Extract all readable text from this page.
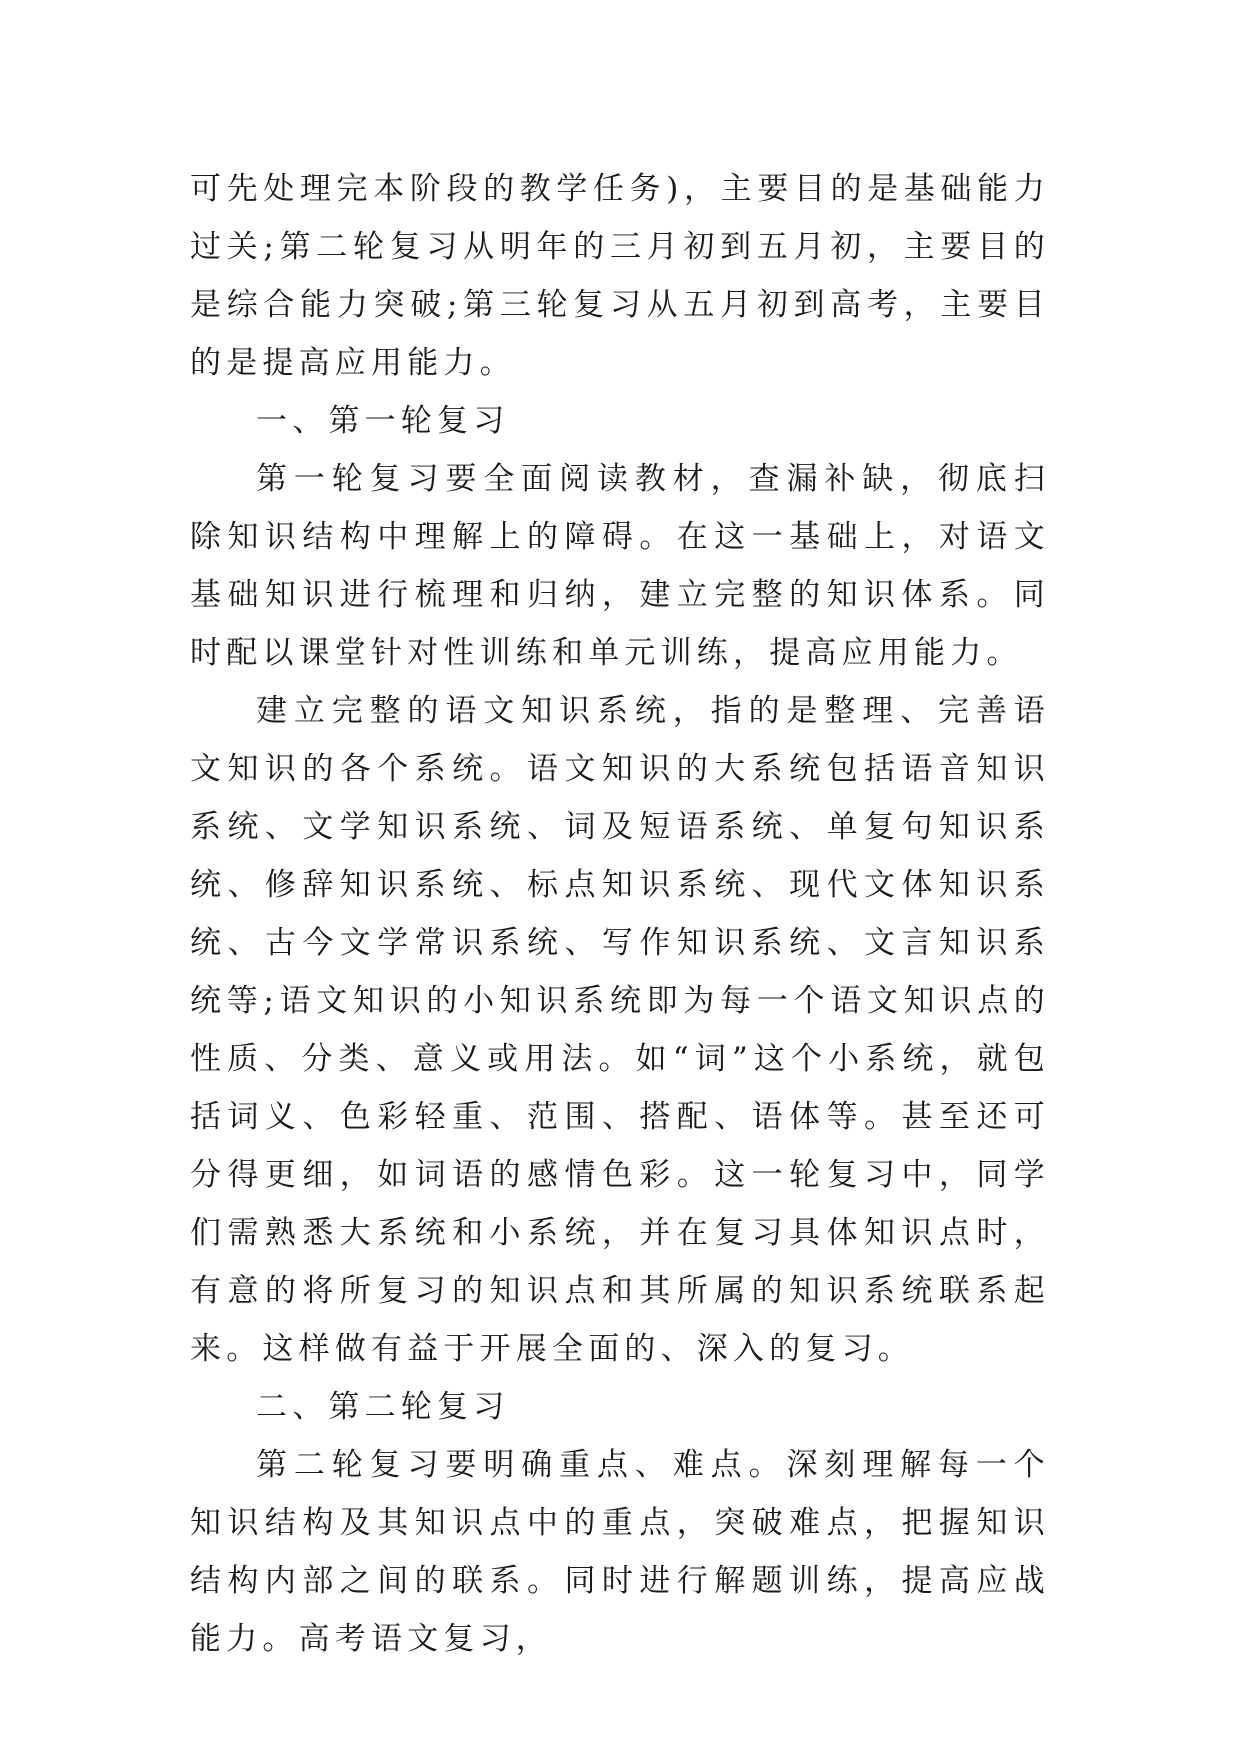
可先处理完本阶段的教学任务)，主要目的是基础能力过关;第二轮复习从明年的三月初到五月初，主要目的是综合能力突破;第三轮复习从五月初到高考，主要目的是提高应用能力。

一、第一轮复习

第一轮复习要全面阅读教材，查漏补缺，彻底扫除知识结构中理解上的障碍。在这一基础上，对语文基础知识进行梳理和归纳，建立完整的知识体系。同时配以课堂针对性训练和单元训练，提高应用能力。

建立完整的语文知识系统，指的是整理、完善语文知识的各个系统。语文知识的大系统包括语音知识系统、文学知识系统、词及短语系统、单复句知识系统、修辞知识系统、标点知识系统、现代文体知识系统、古今文学常识系统、写作知识系统、文言知识系统等;语文知识的小知识系统即为每一个语文知识点的性质、分类、意义或用法。如“词”这个小系统，就包括词义、色彩轻重、范围、搭配、语体等。甚至还可分得更细，如词语的感情色彩。这一轮复习中，同学们需熟悉大系统和小系统，并在复习具体知识点时，有意的将所复习的知识点和其所属的知识系统联系起来。这样做有益于开展全面的、深入的复习。

二、第二轮复习

第二轮复习要明确重点、难点。深刻理解每一个知识结构及其知识点中的重点，突破难点，把握知识结构内部之间的联系。同时进行解题训练，提高应战能力。高考语文复习，
